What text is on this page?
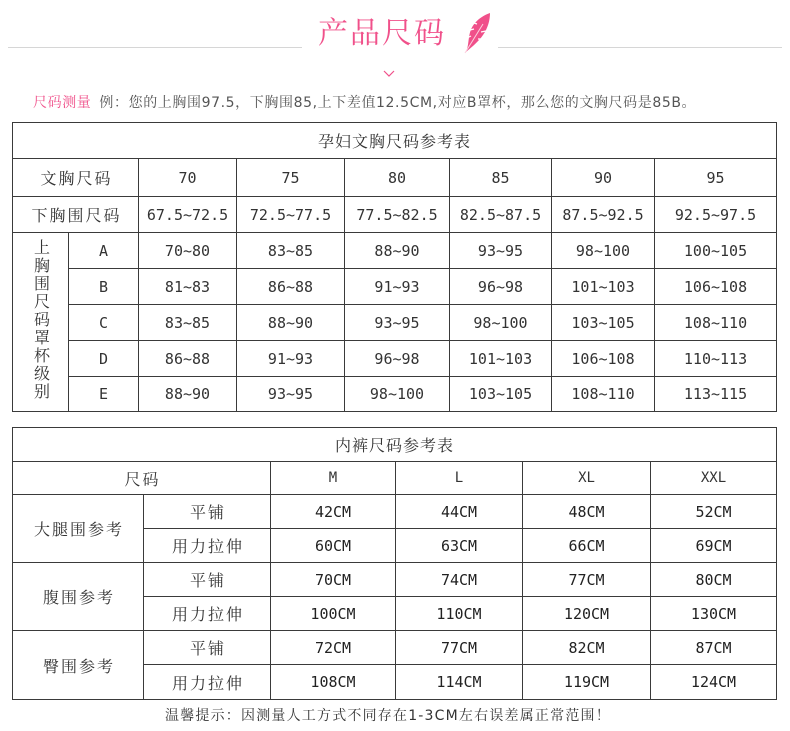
产品尺码
尺码测量 例：您的上胸围97.5，下胸围85,上下差值12.5CM,对应B罩杯，那么您的文胸尺码是85B。
孕妇文胸尺码参考表							
文胸尺码		70	75	80	85	90	95
下胸围尺码		67.5~72.5	72.5~77.5	77.5~82.5	82.5~87.5	87.5~92.5	92.5~97.5
上胸围尺码罩杯级别	A	70~80	83~85	88~90	93~95	98~100	100~105
	B	81~83	86~88	91~93	96~98	101~103	106~108
	C	83~85	88~90	93~95	98~100	103~105	108~110
	D	86~88	91~93	96~98	101~103	106~108	110~113
	E	88~90	93~95	98~100	103~105	108~110	113~115
内裤尺码参考表					
尺码		M	L	XL	XXL
大腿围参考	平铺	42CM	44CM	48CM	52CM
	用力拉伸	60CM	63CM	66CM	69CM
腹围参考	平铺	70CM	74CM	77CM	80CM
	用力拉伸	100CM	110CM	120CM	130CM
臀围参考	平铺	72CM	77CM	82CM	87CM
	用力拉伸	108CM	114CM	119CM	124CM
温馨提示：因测量人工方式不同存在1-3CM左右误差属正常范围！
